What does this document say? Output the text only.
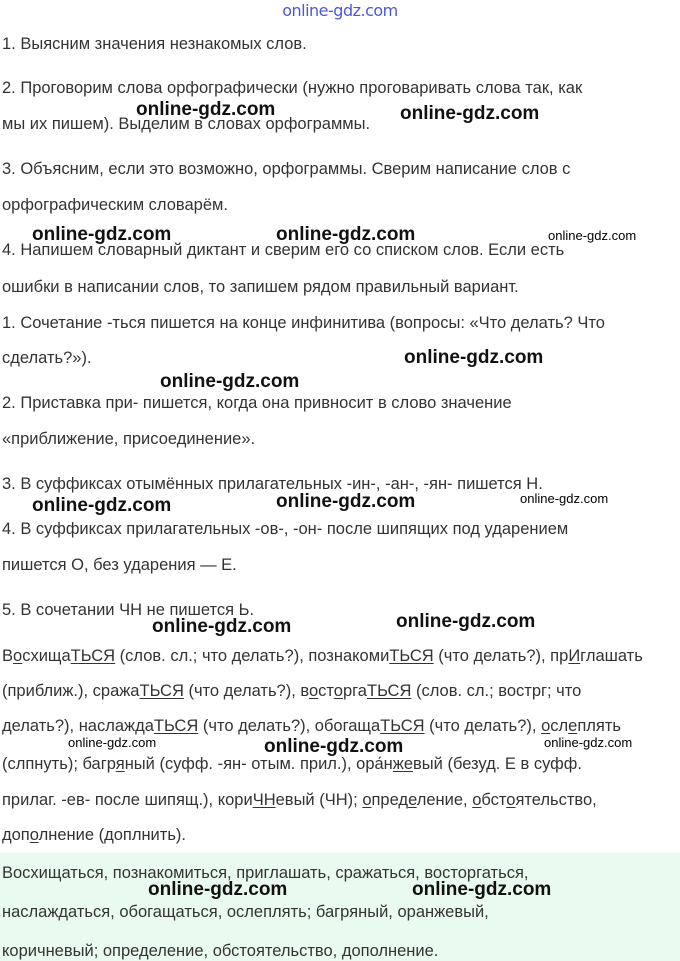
online-gdz.com
1. Выясним значения незнакомых слов.
2. Проговорим слова орфографически (нужно проговаривать слова так, как
мы их пишем). Выделим в словах орфограммы.
3. Объясним, если это возможно, орфограммы. Сверим написание слов с
орфографическим словарём.
4. Напишем словарный диктант и сверим его со списком слов. Если есть
ошибки в написании слов, то запишем рядом правильный вариант.
1. Сочетание -ться пишется на конце инфинитива (вопросы: «Что делать? Что
сделать?»).
2. Приставка при- пишется, когда она привносит в слово значение
«приближение, присоединение».
3. В суффиксах отымённых прилагательных -ин-, -ан-, -ян- пишется Н.
4. В суффиксах прилагательных -ов-, -он- после шипящих под ударением
пишется О, без ударения — Е.
5. В сочетании ЧН не пишется Ь.
ВосхищаТЬСЯ (слов. сл.; что делать?), познакомиТЬСЯ (что делать?), прИглашать
(приближ.), сражаТЬСЯ (что делать?), восторгаТЬСЯ (слов. сл.; вострг; что
делать?), наслаждаТЬСЯ (что делать?), обогащаТЬСЯ (что делать?), ослеплять
(слпнуть); багряный (суфф. -ян- отым. прил.), ора́нжевый (безуд. Е в суфф.
прилаг. -ев- после шипящ.), кориЧНевый (ЧН); определение, обстоятельство,
дополнение (доплнить).
Восхищаться, познакомиться, приглашать, сражаться, восторгаться,
наслаждаться, обогащаться, ослеплять; багряный, оранжевый,
коричневый; определение, обстоятельство, дополнение.
online-gdz.com	online-gdz.com
online-gdz.com	online-gdz.com	online-gdz.com
online-gdz.com
online-gdz.com
online-gdz.com	online-gdz.com	online-gdz.com
online-gdz.com
online-gdz.com
online-gdz.com	online-gdz.com	online-gdz.com
online-gdz.com	online-gdz.com
